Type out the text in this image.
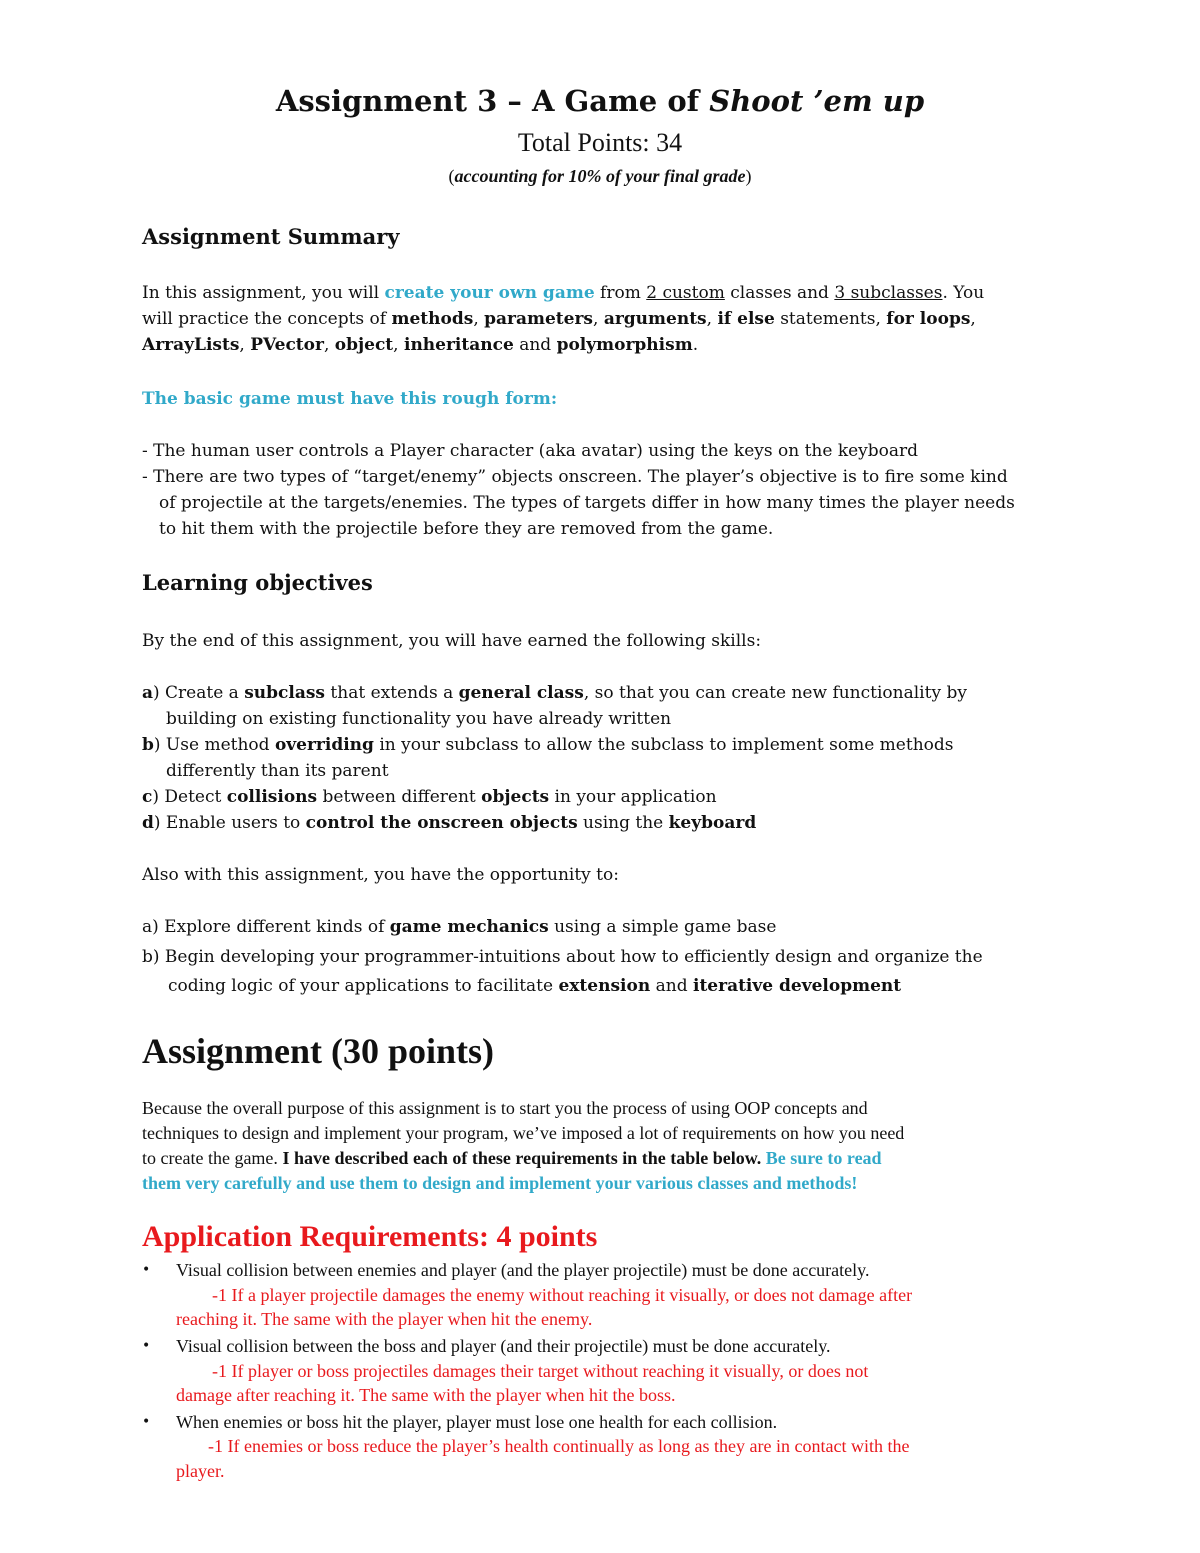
Assignment 3 – A Game of Shoot ’em up
Total Points: 34
(accounting for 10% of your final grade)
Assignment Summary
In this assignment, you will create your own game from 2 custom classes and 3 subclasses. You
will practice the concepts of methods, parameters, arguments, if else statements, for loops,
ArrayLists, PVector, object, inheritance and polymorphism.
The basic game must have this rough form:
- The human user controls a Player character (aka avatar) using the keys on the keyboard
- There are two types of “target/enemy” objects onscreen. The player’s objective is to fire some kind
of projectile at the targets/enemies. The types of targets differ in how many times the player needs
to hit them with the projectile before they are removed from the game.
Learning objectives
By the end of this assignment, you will have earned the following skills:
a) Create a subclass that extends a general class, so that you can create new functionality by
building on existing functionality you have already written
b) Use method overriding in your subclass to allow the subclass to implement some methods
differently than its parent
c) Detect collisions between different objects in your application
d) Enable users to control the onscreen objects using the keyboard
Also with this assignment, you have the opportunity to:
a) Explore different kinds of game mechanics using a simple game base
b) Begin developing your programmer-intuitions about how to efficiently design and organize the
coding logic of your applications to facilitate extension and iterative development
Assignment (30 points)
Because the overall purpose of this assignment is to start you the process of using OOP concepts and
techniques to design and implement your program, we’ve imposed a lot of requirements on how you need
to create the game. I have described each of these requirements in the table below. Be sure to read
them very carefully and use them to design and implement your various classes and methods!
Application Requirements: 4 points
• Visual collision between enemies and player (and the player projectile) must be done accurately.
-1 If a player projectile damages the enemy without reaching it visually, or does not damage after
reaching it. The same with the player when hit the enemy.
• Visual collision between the boss and player (and their projectile) must be done accurately.
-1 If player or boss projectiles damages their target without reaching it visually, or does not
damage after reaching it. The same with the player when hit the boss.
• When enemies or boss hit the player, player must lose one health for each collision.
-1 If enemies or boss reduce the player’s health continually as long as they are in contact with the
player.
